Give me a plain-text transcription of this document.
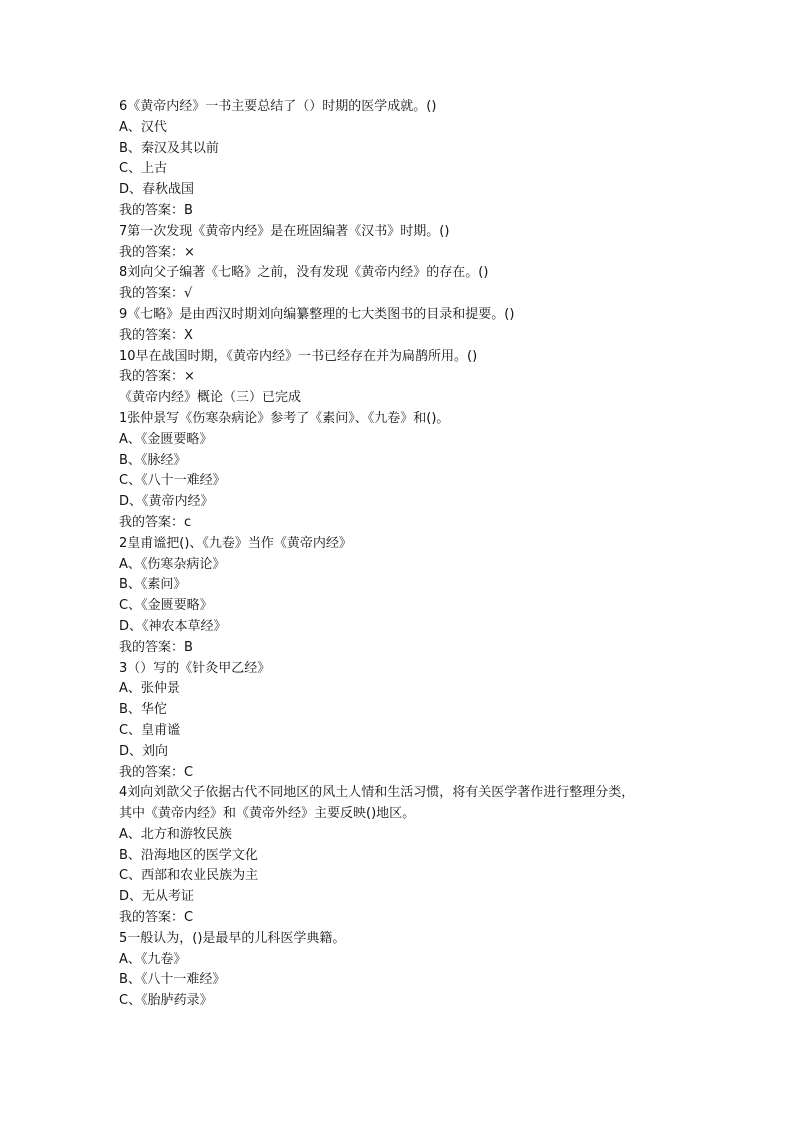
6《黄帝内经》一书主要总结了（）时期的医学成就。()
A、汉代
B、秦汉及其以前
C、上古
D、春秋战国
我的答案：B
7第一次发现《黄帝内经》是在班固编著《汉书》时期。()
我的答案：×
8刘向父子编著《七略》之前，没有发现《黄帝内经》的存在。()
我的答案：√
9《七略》是由西汉时期刘向编纂整理的七大类图书的目录和提要。()
我的答案：X
10早在战国时期，《黄帝内经》一书已经存在并为扁鹊所用。()
我的答案：×
《黄帝内经》概论（三）已完成
1张仲景写《伤寒杂病论》参考了《素问》、《九卷》和()。
A、《金匮要略》
B、《脉经》
C、《八十一难经》
D、《黄帝内经》
我的答案：c
2皇甫谧把()、《九卷》当作《黄帝内经》
A、《伤寒杂病论》
B、《素问》
C、《金匮要略》
D、《神农本草经》
我的答案：B
3（）写的《针灸甲乙经》
A、张仲景
B、华佗
C、皇甫谧
D、刘向
我的答案：C
4刘向刘歆父子依据古代不同地区的风土人情和生活习惯，将有关医学著作进行整理分类，
其中《黄帝内经》和《黄帝外经》主要反映()地区。
A、北方和游牧民族
B、沿海地区的医学文化
C、西部和农业民族为主
D、无从考证
我的答案：C
5一般认为，()是最早的儿科医学典籍。
A、《九卷》
B、《八十一难经》
C、《胎胪药录》
